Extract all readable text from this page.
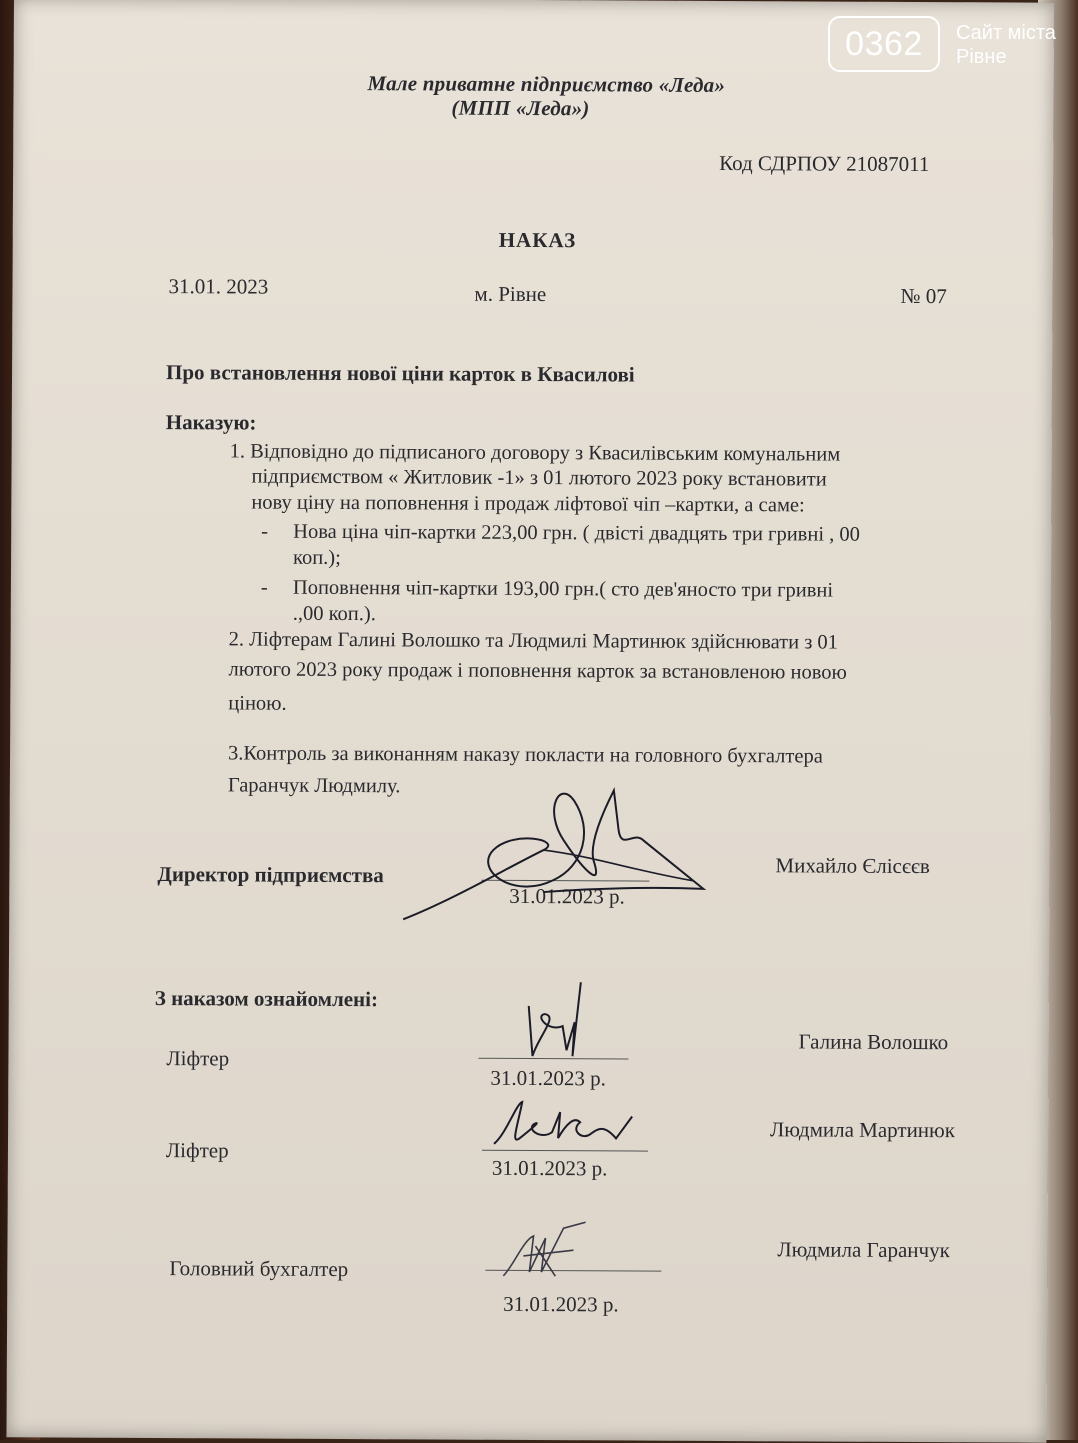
Мале приватне підприємство «Леда»
(МПП «Леда»)
Код СДРПОУ 21087011
НАКАЗ
31.01. 2023	м. Рівне	№ 07
Про встановлення нової ціни карток в Квасилові
Наказую:
1. Відповідно до підписаного договору з Квасилівським комунальним
підприємством « Житловик -1» з 01 лютого 2023 року встановити
нову ціну на поповнення і продаж ліфтової чіп –картки, а саме:
- Нова ціна чіп-картки 223,00 грн. ( двісті двадцять три гривні , 00
коп.);
- Поповнення чіп-картки 193,00 грн.( сто дев'яносто три гривні
.,00 коп.).
2. Ліфтерам Галині Волошко та Людмилі Мартинюк здійснювати з 01
лютого 2023 року продаж і поповнення карток за встановленою новою
ціною.
3.Контроль за виконанням наказу покласти на головного бухгалтера
Гаранчук Людмилу.
Директор підприємства
31.01.2023 р.
Михайло Єлісєєв
З наказом ознайомлені:
Ліфтер
31.01.2023 р.
Галина Волошко
Ліфтер
31.01.2023 р.
Людмила Мартинюк
Головний бухгалтер
31.01.2023 р.
Людмила Гаранчук
0362	Сайт міста
Рівне
